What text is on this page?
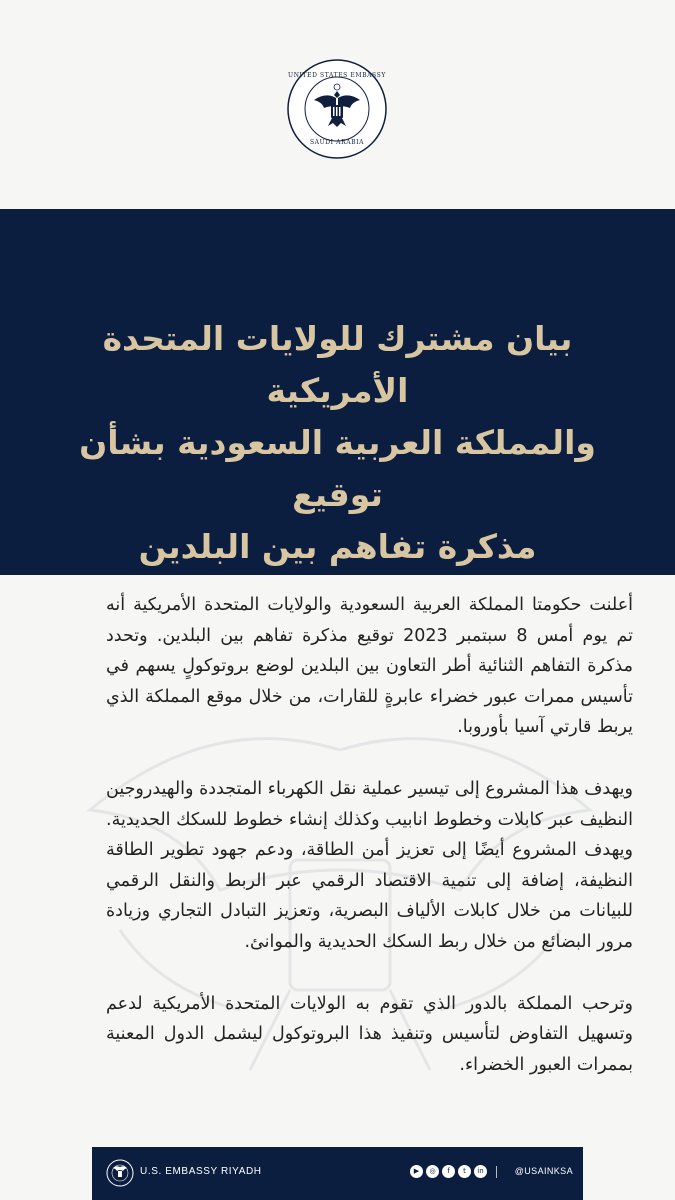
UNITED STATES EMBASSY
SAUDI ARABIA
بيان مشترك للولايات المتحدة الأمريكية
والمملكة العربية السعودية بشأن توقيع
مذكرة تفاهم بين البلدين

أعلنت حكومتا المملكة العربية السعودية والولايات المتحدة الأمريكية أنه تم يوم أمس 8 سبتمبر 2023 توقيع مذكرة تفاهم بين البلدين. وتحدد مذكرة التفاهم الثنائية أطر التعاون بين البلدين لوضع بروتوكولٍ يسهم في تأسيس ممرات عبور خضراء عابرةٍ للقارات، من خلال موقع المملكة الذي يربط قارتي آسيا بأوروبا.

ويهدف هذا المشروع إلى تيسير عملية نقل الكهرباء المتجددة والهيدروجين النظيف عبر كابلات وخطوط انابيب وكذلك إنشاء خطوط للسكك الحديدية. ويهدف المشروع أيضًا إلى تعزيز أمن الطاقة، ودعم جهود تطوير الطاقة النظيفة، إضافة إلى تنمية الاقتصاد الرقمي عبر الربط والنقل الرقمي للبيانات من خلال كابلات الألياف البصرية، وتعزيز التبادل التجاري وزيادة مرور البضائع من خلال ربط السكك الحديدية والموانئ.

وترحب المملكة بالدور الذي تقوم به الولايات المتحدة الأمريكية لدعم وتسهيل التفاوض لتأسيس وتنفيذ هذا البروتوكول ليشمل الدول المعنية بممرات العبور الخضراء.

U.S. EMBASSY RIYADH	▶	◎	f	t	in	@USAINKSA
